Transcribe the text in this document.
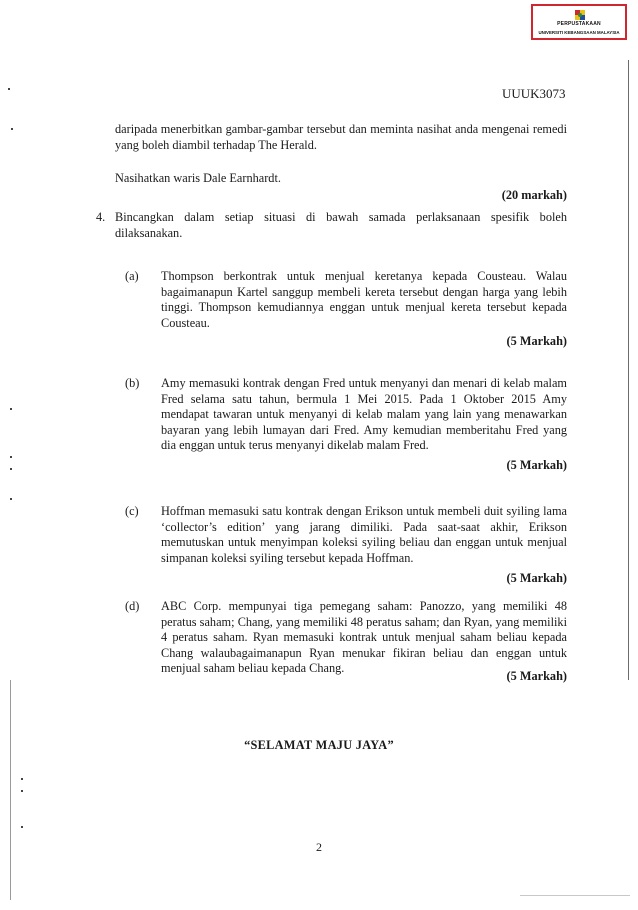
PERPUSTAKAAN
UNIVERSITI KEBANGSAAN MALAYSIA
UUUK3073

daripada menerbitkan gambar-gambar tersebut dan meminta nasihat anda mengenai remedi yang boleh diambil terhadap The Herald.

Nasihatkan waris Dale Earnhardt.

(20 markah)
4. Bincangkan dalam setiap situasi di bawah samada perlaksanaan spesifik boleh dilaksanakan.

(a) Thompson berkontrak untuk menjual keretanya kepada Cousteau. Walau bagaimanapun Kartel sanggup membeli kereta tersebut dengan harga yang lebih tinggi. Thompson kemudiannya enggan untuk menjual kereta tersebut kepada Cousteau.

(5 Markah)
(b) Amy memasuki kontrak dengan Fred untuk menyanyi dan menari di kelab malam Fred selama satu tahun, bermula 1 Mei 2015. Pada 1 Oktober 2015 Amy mendapat tawaran untuk menyanyi di kelab malam yang lain yang menawarkan bayaran yang lebih lumayan dari Fred. Amy kemudian memberitahu Fred yang dia enggan untuk terus menyanyi dikelab malam Fred.

(5 Markah)
(c) Hoffman memasuki satu kontrak dengan Erikson untuk membeli duit syiling lama ‘collector’s edition’ yang jarang dimiliki. Pada saat-saat akhir, Erikson memutuskan untuk menyimpan koleksi syiling beliau dan enggan untuk menjual simpanan koleksi syiling tersebut kepada Hoffman.

(5 Markah)
(d) ABC Corp. mempunyai tiga pemegang saham: Panozzo, yang memiliki 48 peratus saham; Chang, yang memiliki 48 peratus saham; dan Ryan, yang memiliki 4 peratus saham. Ryan memasuki kontrak untuk menjual saham beliau kepada Chang walaubagaimanapun Ryan menukar fikiran beliau dan enggan untuk menjual saham beliau kepada Chang.

(5 Markah)
“SELAMAT MAJU JAYA”
2
